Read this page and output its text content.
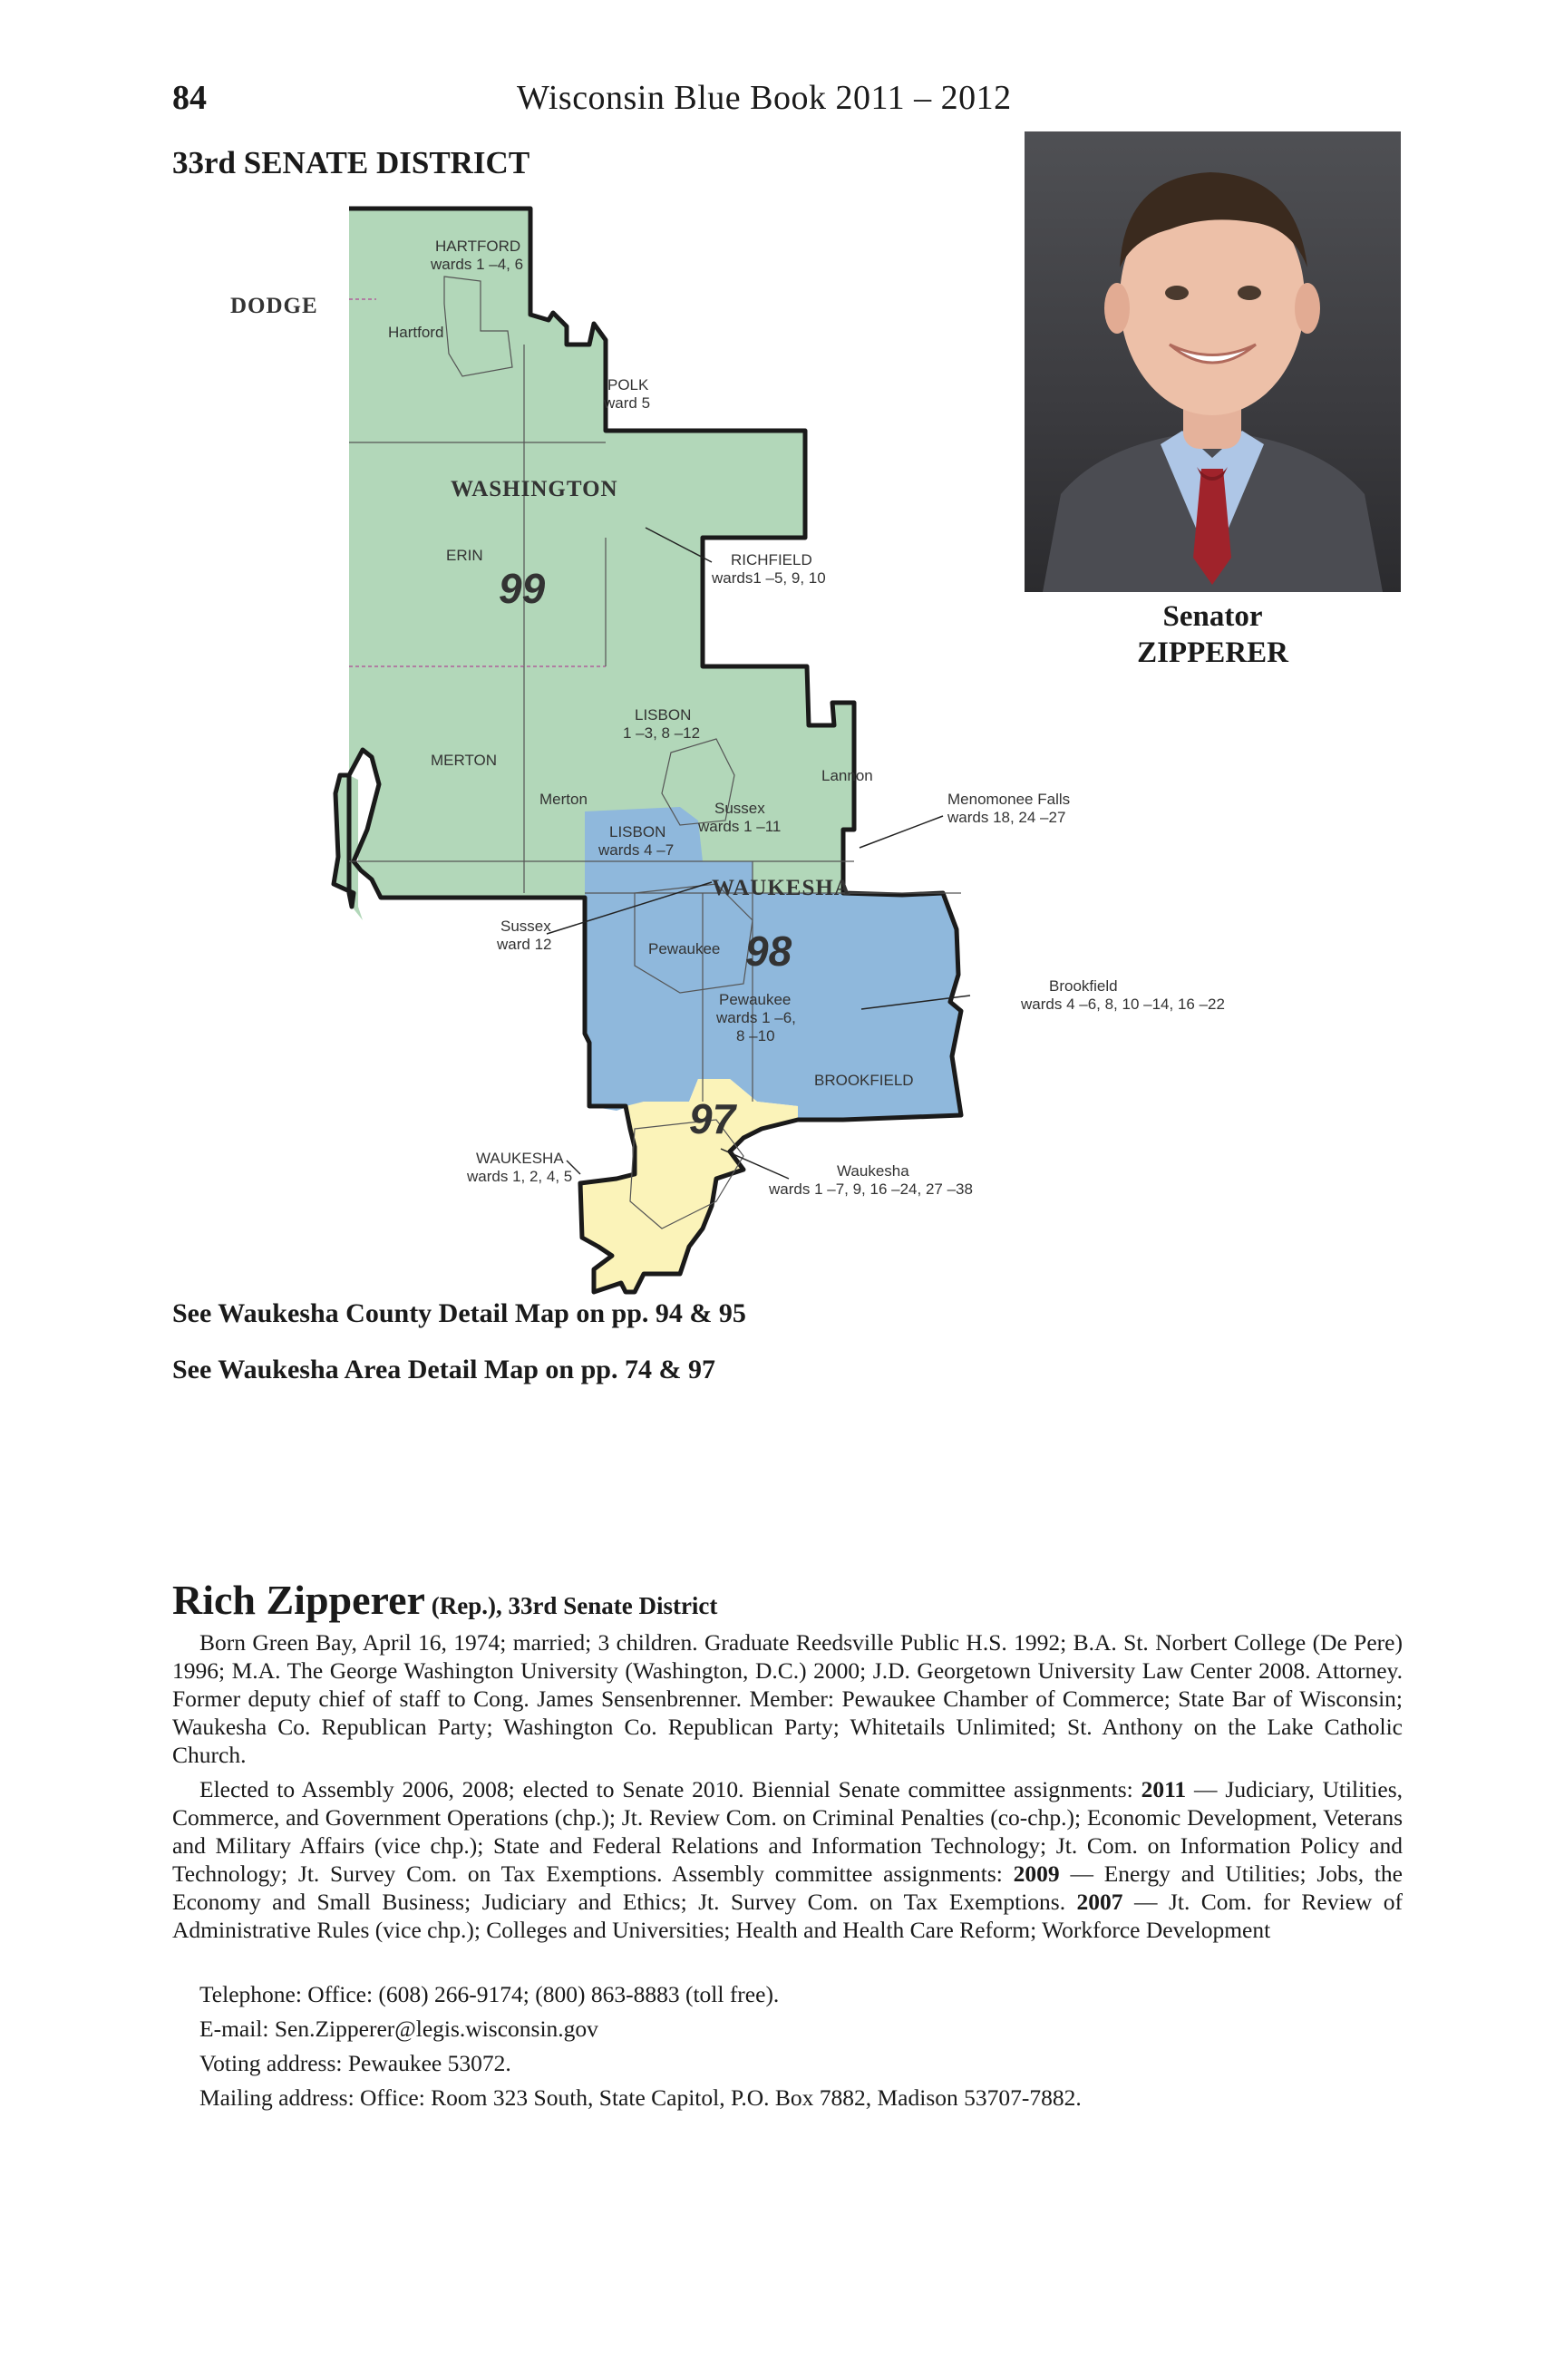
84	Wisconsin Blue Book 2011 – 2012
33rd SENATE DISTRICT
DODGE
WASHINGTON
WAUKESHA
99
98
97
HARTFORD
wards 1 –4, 6
Hartford
POLK
ward 5
ERIN	RICHFIELD
wards1 –5, 9, 10
LISBON
1 –3, 8 –12
MERTON
Merton
Lannon
Sussex
wards 1 –11
LISBON
wards 4 –7
Menomonee Falls
wards 18, 24 –27
Sussex
ward 12	Pewaukee
Pewaukee
wards 1 –6,
8 –10
Brookfield
wards 4 –6, 8, 10 –14, 16 –22
BROOKFIELD
WAUKESHA
wards 1, 2, 4, 5	Waukesha
wards 1 –7, 9, 16 –24, 27 –38
Senator
ZIPPERER
See Waukesha County Detail Map on pp. 94 & 95
See Waukesha Area Detail Map on pp. 74 & 97
Rich Zipperer (Rep.), 33rd Senate District
Born Green Bay, April 16, 1974; married; 3 children. Graduate Reedsville Public H.S. 1992; B.A. St. Norbert College (De Pere) 1996; M.A. The George Washington University (Washington, D.C.) 2000; J.D. Georgetown University Law Center 2008. Attorney. Former deputy chief of staff to Cong. James Sensenbrenner. Member: Pewaukee Chamber of Commerce; State Bar of Wisconsin; Waukesha Co. Republican Party; Washington Co. Republican Party; Whitetails Unlimited; St. Anthony on the Lake Catholic Church.
Elected to Assembly 2006, 2008; elected to Senate 2010. Biennial Senate committee assignments: 2011 — Judiciary, Utilities, Commerce, and Government Operations (chp.); Jt. Review Com. on Criminal Penalties (co-chp.); Economic Development, Veterans and Military Affairs (vice chp.); State and Federal Relations and Information Technology; Jt. Com. on Information Policy and Technology; Jt. Survey Com. on Tax Exemptions. Assembly committee assignments: 2009 — Energy and Utilities; Jobs, the Economy and Small Business; Judiciary and Ethics; Jt. Survey Com. on Tax Exemptions. 2007 — Jt. Com. for Review of Administrative Rules (vice chp.); Colleges and Universities; Health and Health Care Reform; Workforce Development
Telephone: Office: (608) 266-9174; (800) 863-8883 (toll free).
E-mail: Sen.Zipperer@legis.wisconsin.gov
Voting address: Pewaukee 53072.
Mailing address: Office: Room 323 South, State Capitol, P.O. Box 7882, Madison 53707-7882.
